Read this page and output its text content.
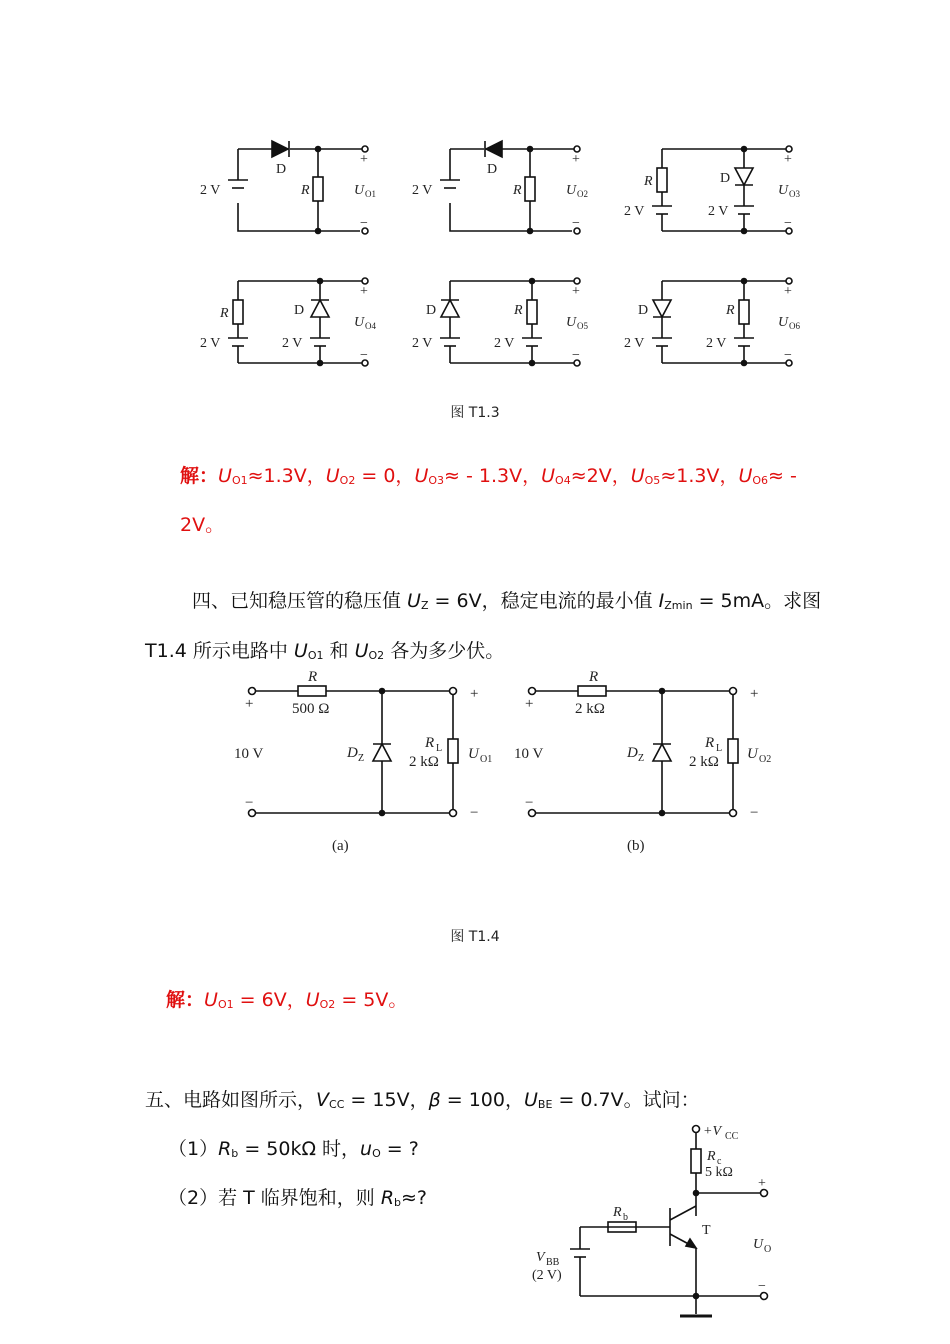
2 V
D
R
+
−
U O1	2 V
D
R
+
−
U O2
R
2 V
D
2 V
+
−
U O3
R
2 V
D
2 V
+
−
U O4
D
2 V
R
2 V
+
−
U O5
D
2 V
R
2 V
+
−
U O6
图 T1.3
解：$U_{O1}\approx 1.3V$，$U_{O2} = 0$，$U_{O3}\approx - 1.3V$，$U_{O4}\approx 2V$，$U_{O5}\approx 1.3V$，$U_{O6}\approx$ -
2V。
四、已知稳压管的稳压值 $U_Z = 6V$，稳定电流的最小值 $I_{Zmin} = 5mA$。求图
T1.4 所示电路中 $U_{O1}$ 和 $U_{O2}$ 各为多少伏。
R
500 Ω
+
10 V
−
D Z
R L
2 kΩ U O1
+
−
(a)
R
2 kΩ
+
10 V
−
D Z
R L
2 kΩ U O2
+
−
(b)
图 T1.4
解：$U_{O1} = 6V$，$U_{O2} = 5V$。
五、电路如图所示，$V_{CC} = 15V$，β = 100，$U_{BE} = 0.7V$。试问：
$(1)R_b = 50k\Omega$ 时，$u_O$ = ?
（2）若 T 临界饱和，则 $R_b\approx$?
+V CC
R c
5 kΩ
+
R b
T
V BB
(2 V)
U O
−
